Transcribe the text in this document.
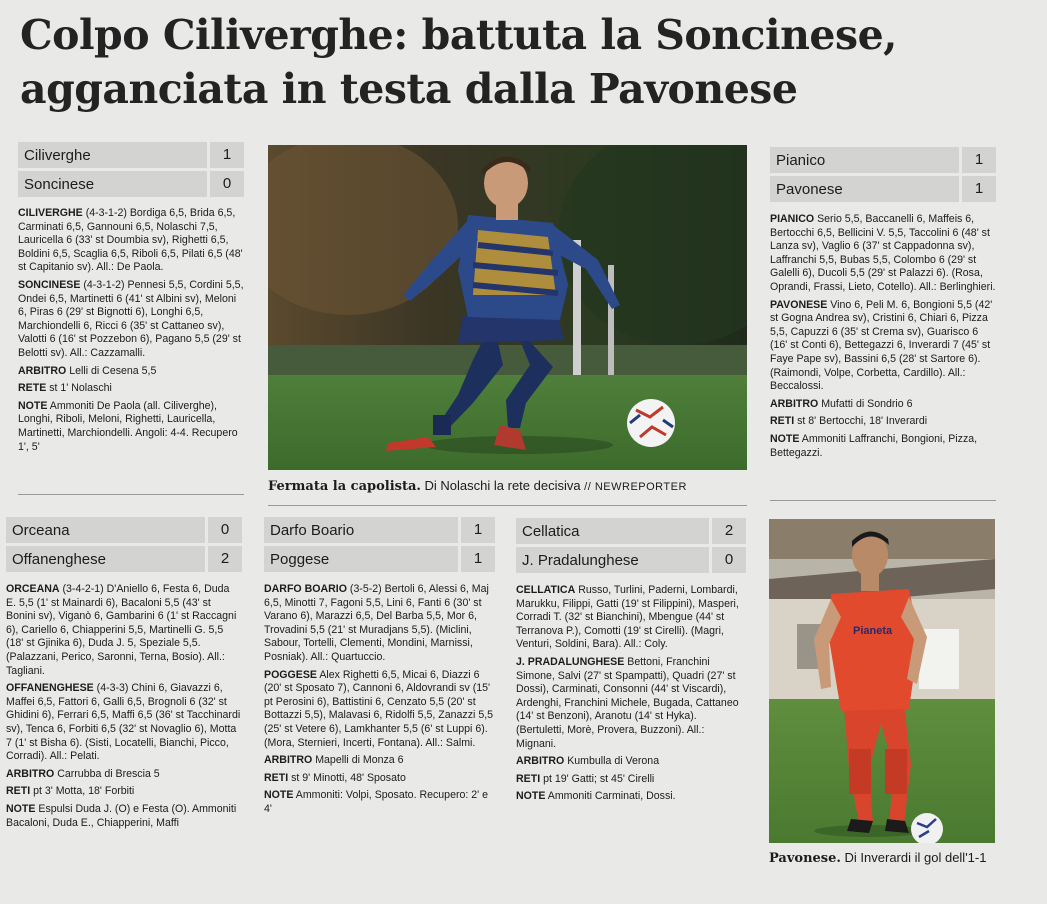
Colpo Ciliverghe: battuta la Soncinese,
agganciata in testa dalla Pavonese
Ciliverghe	1
Soncinese	0

CILIVERGHE (4-3-1-2) Bordiga 6,5, Brida 6,5, Carminati 6,5, Gannouni 6,5, Nolaschi 7,5, Lauricella 6 (33' st Doumbia sv), Righetti 6,5, Boldini 6,5, Scaglia 6,5, Riboli 6,5, Pilati 6,5 (48' st Capitanio sv). All.: De Paola.

SONCINESE (4-3-1-2) Pennesi 5,5, Cordini 5,5, Ondei 6,5, Martinetti 6 (41' st Albini sv), Meloni 6, Piras 6 (29' st Bignotti 6), Longhi 6,5, Marchiondelli 6, Ricci 6 (35' st Cattaneo sv), Valotti 6 (16' st Pozzebon 6), Pagano 5,5 (29' st Belotti sv). All.: Cazzamalli.

ARBITRO Lelli di Cesena 5,5

RETE st 1' Nolaschi

NOTE Ammoniti De Paola (all. Ciliverghe), Longhi, Riboli, Meloni, Righetti, Lauricella, Martinetti, Marchiondelli. Angoli: 4-4. Recupero 1', 5'

Fermata la capolista. Di Nolaschi la rete decisiva // NEWREPORTER
Pianico	1
Pavonese	1

PIANICO Serio 5,5, Baccanelli 6, Maffeis 6, Bertocchi 6,5, Bellicini V. 5,5, Taccolini 6 (48' st Lanza sv), Vaglio 6 (37' st Cappadonna sv), Laffranchi 5,5, Bubas 5,5, Colombo 6 (29' st Galelli 6), Ducoli 5,5 (29' st Palazzi 6). (Rosa, Oprandi, Frassi, Lieto, Cotello). All.: Berlinghieri.

PAVONESE Vino 6, Peli M. 6, Bongioni 5,5 (42' st Gogna Andrea sv), Cristini 6, Chiari 6, Pizza 5,5, Capuzzi 6 (35' st Crema sv), Guarisco 6 (16' st Conti 6), Bettegazzi 6, Inverardi 7 (45' st Faye Pape sv), Bassini 6,5 (28' st Sartore 6). (Raimondi, Volpe, Corbetta, Cardillo). All.: Beccalossi.

ARBITRO Mufatti di Sondrio 6

RETI st 8' Bertocchi, 18' Inverardi

NOTE Ammoniti Laffranchi, Bongioni, Pizza, Bettegazzi.

Orceana	0
Offanenghese	2

ORCEANA (3-4-2-1) D'Aniello 6, Festa 6, Duda E. 5,5 (1' st Mainardi 6), Bacaloni 5,5 (43' st Bonini sv), Viganò 6, Gambarini 6 (1' st Raccagni 6), Cariello 6, Chiapperini 5,5, Martinelli G. 5,5 (18' st Gjinika 6), Duda J. 5, Speziale 5,5. (Palazzani, Perico, Saronni, Terna, Bosio). All.: Tagliani.

OFFANENGHESE (4-3-3) Chini 6, Giavazzi 6, Maffei 6,5, Fattori 6, Galli 6,5, Brognoli 6 (32' st Ghidini 6), Ferrari 6,5, Maffi 6,5 (36' st Tacchinardi sv), Tenca 6, Forbiti 6,5 (32' st Novaglio 6), Motta 7 (1' st Bisha 6). (Sisti, Locatelli, Bianchi, Picco, Corradi). All.: Pelati.

ARBITRO Carrubba di Brescia 5

RETI pt 3' Motta, 18' Forbiti

NOTE Espulsi Duda J. (O) e Festa (O). Ammoniti Bacaloni, Duda E., Chiapperini, Maffi

Darfo Boario	1
Poggese	1

DARFO BOARIO (3-5-2) Bertoli 6, Alessi 6, Maj 6,5, Minotti 7, Fagoni 5,5, Lini 6, Fanti 6 (30' st Varano 6), Marazzi 6,5, Del Barba 5,5, Mor 6, Trovadini 5,5 (21' st Muradjans 5,5). (Miclini, Sabour, Tortelli, Clementi, Mondini, Marnissi, Posniak). All.: Quartuccio.

POGGESE Alex Righetti 6,5, Micai 6, Diazzi 6 (20' st Sposato 7), Cannoni 6, Aldovrandi sv (15' pt Perosini 6), Battistini 6, Cenzato 5,5 (20' st Bottazzi 5,5), Malavasi 6, Ridolfi 5,5, Zanazzi 5,5 (25' st Vetere 6), Lamkhanter 5,5 (6' st Luppi 6). (Mora, Sternieri, Incerti, Fontana). All.: Salmi.

ARBITRO Mapelli di Monza 6

RETI st 9' Minotti, 48' Sposato

NOTE Ammoniti: Volpi, Sposato. Recupero: 2' e 4'

Cellatica	2
J. Pradalunghese	0

CELLATICA Russo, Turlini, Paderni, Lombardi, Marukku, Filippi, Gatti (19' st Filippini), Masperi, Corradi T. (32' st Bianchini), Mbengue (44' st Terranova P.), Comotti (19' st Cirelli). (Magri, Venturi, Soldini, Bara). All.: Coly.

J. PRADALUNGHESE Bettoni, Franchini Simone, Salvi (27' st Spampatti), Quadri (27' st Dossi), Carminati, Consonni (44' st Viscardi), Ardenghi, Franchini Michele, Bugada, Cattaneo (14' st Benzoni), Aranotu (14' st Hyka). (Bertuletti, Morè, Provera, Buzzoni). All.: Mignani.

ARBITRO Kumbulla di Verona

RETI pt 19' Gatti; st 45' Cirelli

NOTE Ammoniti Carminati, Dossi.

Pianeta
Pavonese. Di Inverardi il gol dell'1-1
